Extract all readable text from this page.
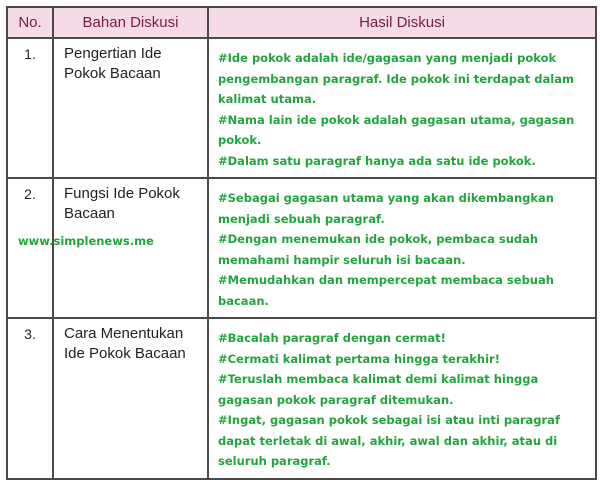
No.	Bahan Diskusi	Hasil Diskusi
1.	Pengertian Ide Pokok Bacaan	#Ide pokok adalah ide/gagasan yang menjadi pokok pengembangan paragraf. Ide pokok ini terdapat dalam kalimat utama.

#Nama lain ide pokok adalah gagasan utama, gagasan pokok.

#Dalam satu paragraf hanya ada satu ide pokok.

2.	Fungsi Ide Pokok Bacaan	#Sebagai gagasan utama yang akan dikembangkan menjadi sebuah paragraf.

#Dengan menemukan ide pokok, pembaca sudah memahami hampir seluruh isi bacaan.

#Memudahkan dan mempercepat membaca sebuah bacaan.

3.	Cara Menentukan Ide Pokok Bacaan	#Bacalah paragraf dengan cermat!

#Cermati kalimat pertama hingga terakhir!

#Teruslah membaca kalimat demi kalimat hingga gagasan pokok paragraf ditemukan.

#Ingat, gagasan pokok sebagai isi atau inti paragraf dapat terletak di awal, akhir, awal dan akhir, atau di seluruh paragraf.

www.simplenews.me
